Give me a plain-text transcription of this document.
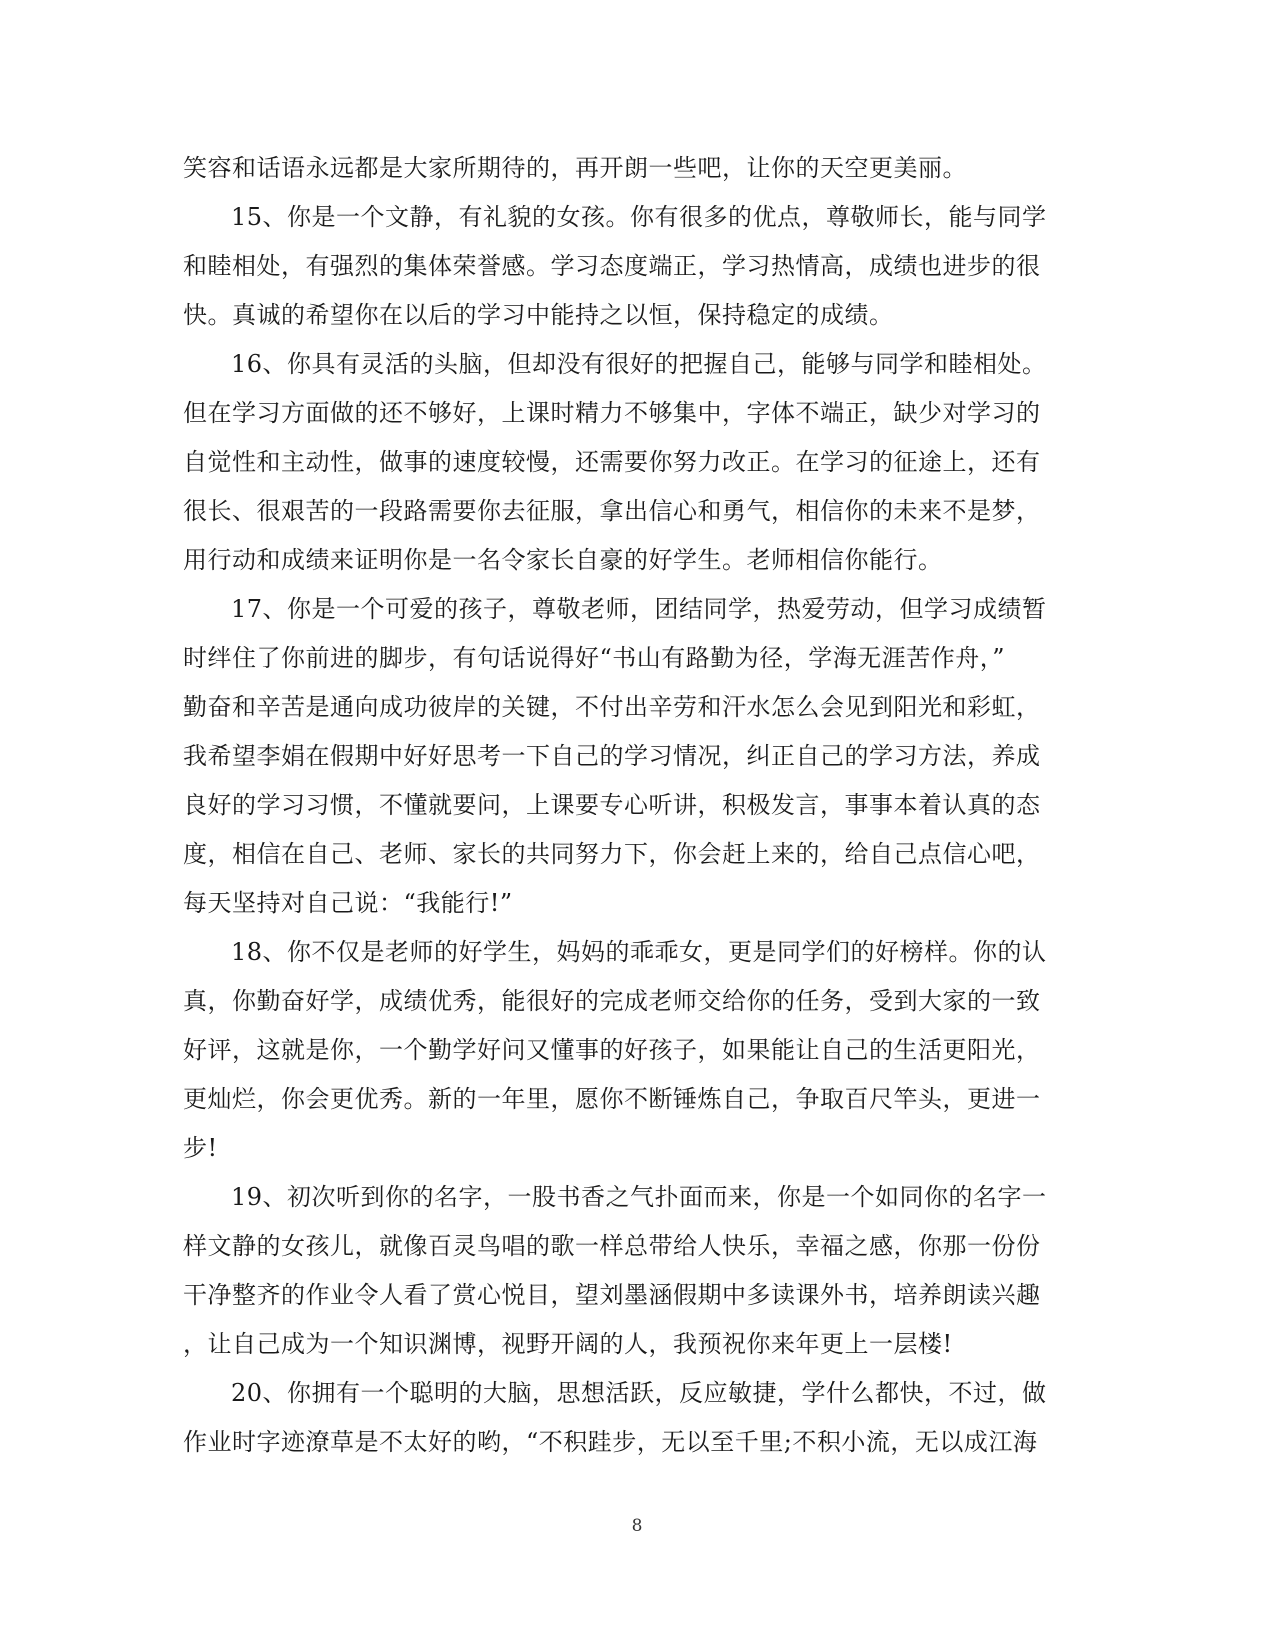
笑容和话语永远都是大家所期待的，再开朗一些吧，让你的天空更美丽。
15、你是一个文静，有礼貌的女孩。你有很多的优点，尊敬师长，能与同学
和睦相处，有强烈的集体荣誉感。学习态度端正，学习热情高，成绩也进步的很
快。真诚的希望你在以后的学习中能持之以恒，保持稳定的成绩。
16、你具有灵活的头脑，但却没有很好的把握自己，能够与同学和睦相处。
但在学习方面做的还不够好，上课时精力不够集中，字体不端正，缺少对学习的
自觉性和主动性，做事的速度较慢，还需要你努力改正。在学习的征途上，还有
很长、很艰苦的一段路需要你去征服，拿出信心和勇气，相信你的未来不是梦，
用行动和成绩来证明你是一名令家长自豪的好学生。老师相信你能行。
17、你是一个可爱的孩子，尊敬老师，团结同学，热爱劳动，但学习成绩暂
时绊住了你前进的脚步，有句话说得好“书山有路勤为径，学海无涯苦作舟，”
勤奋和辛苦是通向成功彼岸的关键，不付出辛劳和汗水怎么会见到阳光和彩虹，
我希望李娟在假期中好好思考一下自己的学习情况，纠正自己的学习方法，养成
良好的学习习惯，不懂就要问，上课要专心听讲，积极发言，事事本着认真的态
度，相信在自己、老师、家长的共同努力下，你会赶上来的，给自己点信心吧，
每天坚持对自己说：“我能行!”
18、你不仅是老师的好学生，妈妈的乖乖女，更是同学们的好榜样。你的认
真，你勤奋好学，成绩优秀，能很好的完成老师交给你的任务，受到大家的一致
好评，这就是你，一个勤学好问又懂事的好孩子，如果能让自己的生活更阳光，
更灿烂，你会更优秀。新的一年里，愿你不断锤炼自己，争取百尺竿头，更进一
步!
19、初次听到你的名字，一股书香之气扑面而来，你是一个如同你的名字一
样文静的女孩儿，就像百灵鸟唱的歌一样总带给人快乐，幸福之感，你那一份份
干净整齐的作业令人看了赏心悦目，望刘墨涵假期中多读课外书，培养朗读兴趣
，让自己成为一个知识渊博，视野开阔的人，我预祝你来年更上一层楼!
20、你拥有一个聪明的大脑，思想活跃，反应敏捷，学什么都快，不过，做
作业时字迹潦草是不太好的哟，“不积跬步，无以至千里;不积小流，无以成江海
8
